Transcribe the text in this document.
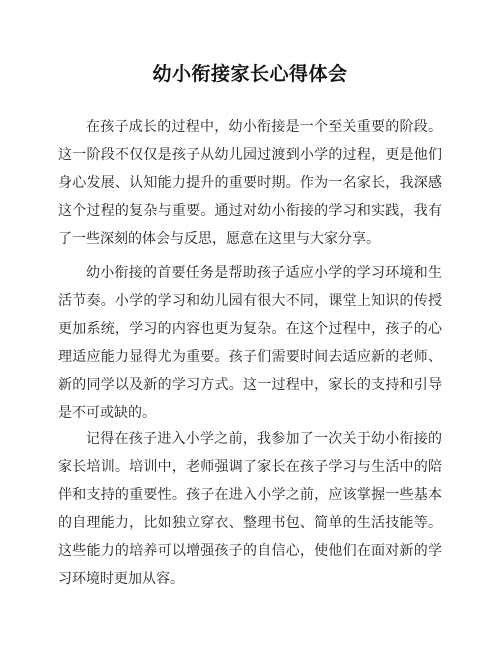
幼小衔接家长心得体会

在孩子成长的过程中，幼小衔接是一个至关重要的阶段。这一阶段不仅仅是孩子从幼儿园过渡到小学的过程，更是他们身心发展、认知能力提升的重要时期。作为一名家长，我深感这个过程的复杂与重要。通过对幼小衔接的学习和实践，我有了一些深刻的体会与反思，愿意在这里与大家分享。

幼小衔接的首要任务是帮助孩子适应小学的学习环境和生活节奏。小学的学习和幼儿园有很大不同，课堂上知识的传授更加系统，学习的内容也更为复杂。在这个过程中，孩子的心理适应能力显得尤为重要。孩子们需要时间去适应新的老师、新的同学以及新的学习方式。这一过程中，家长的支持和引导是不可或缺的。

记得在孩子进入小学之前，我参加了一次关于幼小衔接的家长培训。培训中，老师强调了家长在孩子学习与生活中的陪伴和支持的重要性。孩子在进入小学之前，应该掌握一些基本的自理能力，比如独立穿衣、整理书包、简单的生活技能等。这些能力的培养可以增强孩子的自信心，使他们在面对新的学习环境时更加从容。
